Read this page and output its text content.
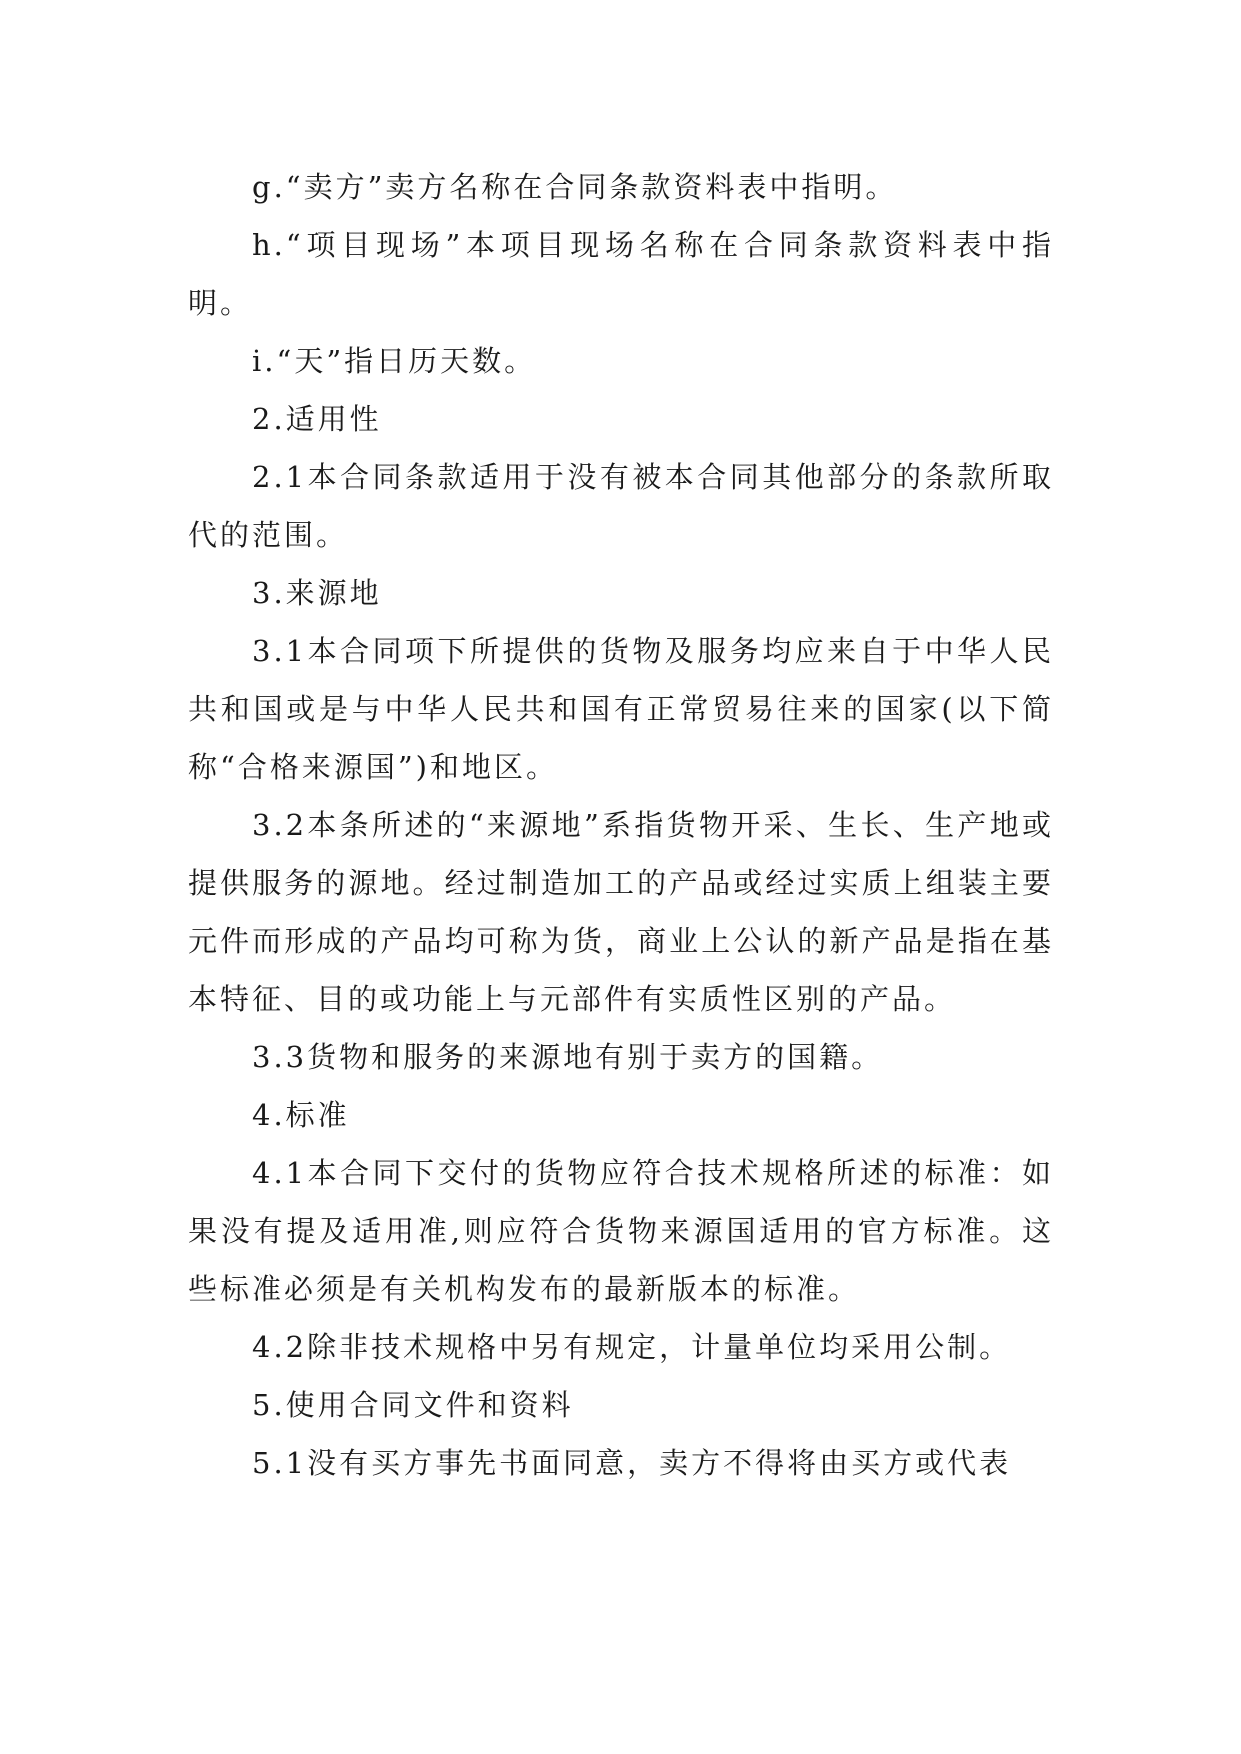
g.“卖方”卖方名称在合同条款资料表中指明。

h.“项目现场”本项目现场名称在合同条款资料表中指明。

i.“天”指日历天数。

2.适用性

2.1本合同条款适用于没有被本合同其他部分的条款所取代的范围。

3.来源地

3.1本合同项下所提供的货物及服务均应来自于中华人民共和国或是与中华人民共和国有正常贸易往来的国家(以下简称“合格来源国”)和地区。

3.2本条所述的“来源地”系指货物开采、生长、生产地或提供服务的源地。经过制造加工的产品或经过实质上组装主要元件而形成的产品均可称为货，商业上公认的新产品是指在基本特征、目的或功能上与元部件有实质性区别的产品。

3.3货物和服务的来源地有别于卖方的国籍。

4.标准

4.1本合同下交付的货物应符合技术规格所述的标准：如果没有提及适用准,则应符合货物来源国适用的官方标准。这些标准必须是有关机构发布的最新版本的标准。

4.2除非技术规格中另有规定，计量单位均采用公制。

5.使用合同文件和资料

5.1没有买方事先书面同意，卖方不得将由买方或代表
